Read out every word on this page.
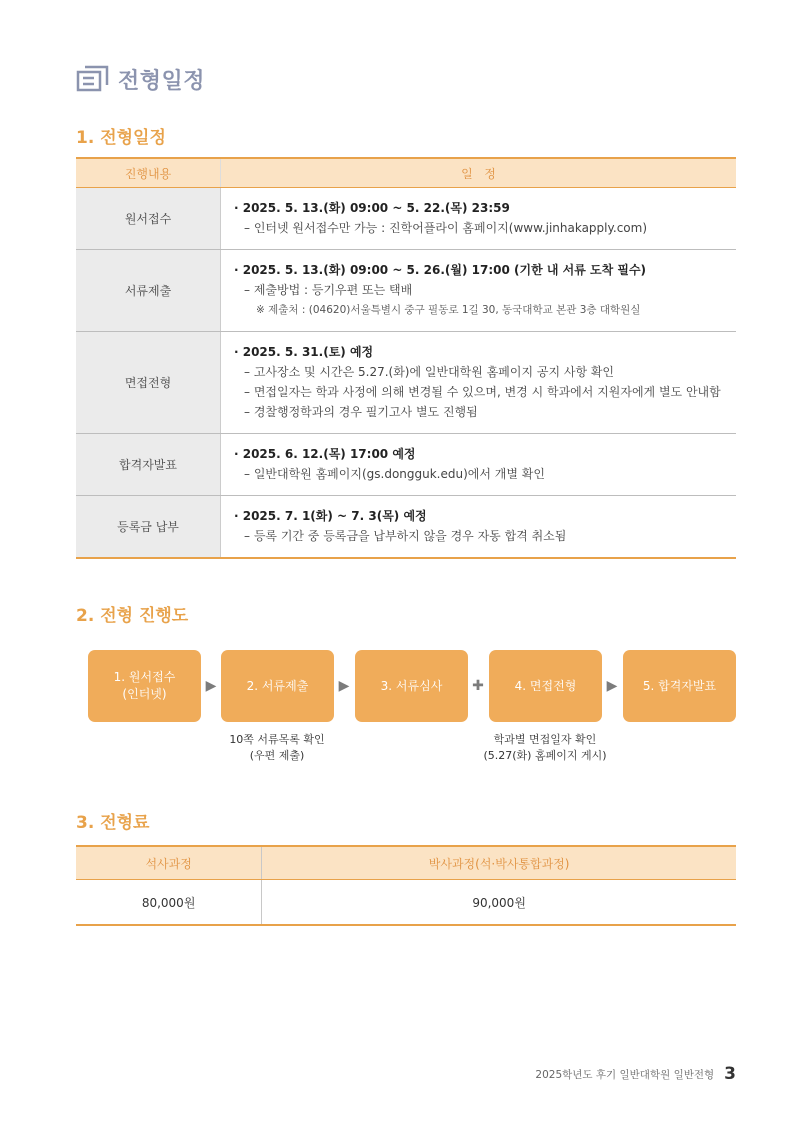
전형일정
1. 전형일정
진행내용	일   정
원서접수	· 2025. 5. 13.(화) 09:00 ~ 5. 22.(목) 23:59
– 인터넷 원서접수만 가능 : 진학어플라이 홈페이지(www.jinhakapply.com)

서류제출	· 2025. 5. 13.(화) 09:00 ~ 5. 26.(월) 17:00 (기한 내 서류 도착 필수)
– 제출방법 : 등기우편 또는 택배
※ 제출처 : (04620)서울특별시 중구 필동로 1길 30, 동국대학교 본관 3층 대학원실

면접전형	· 2025. 5. 31.(토) 예정
– 고사장소 및 시간은 5.27.(화)에 일반대학원 홈페이지 공지 사항 확인
– 면접일자는 학과 사정에 의해 변경될 수 있으며, 변경 시 학과에서 지원자에게 별도 안내함
– 경찰행정학과의 경우 필기고사 별도 진행됨

합격자발표	· 2025. 6. 12.(목) 17:00 예정
– 일반대학원 홈페이지(gs.dongguk.edu)에서 개별 확인

등록금 납부	· 2025. 7. 1(화) ~ 7. 3(목) 예정
– 등록 기간 중 등록금을 납부하지 않을 경우 자동 합격 취소됨
2. 전형 진행도
1. 원서접수
(인터넷)
2. 서류제출	3. 서류심사	4. 면접전형	5. 합격자발표
▶	▶	✚	▶
10쪽 서류목록 확인
(우편 제출)
학과별 면접일자 확인
(5.27(화) 홈페이지 게시)
3. 전형료
석사과정	박사과정(석·박사통합과정)
80,000원	90,000원
2025학년도 후기 일반대학원 일반전형 3
